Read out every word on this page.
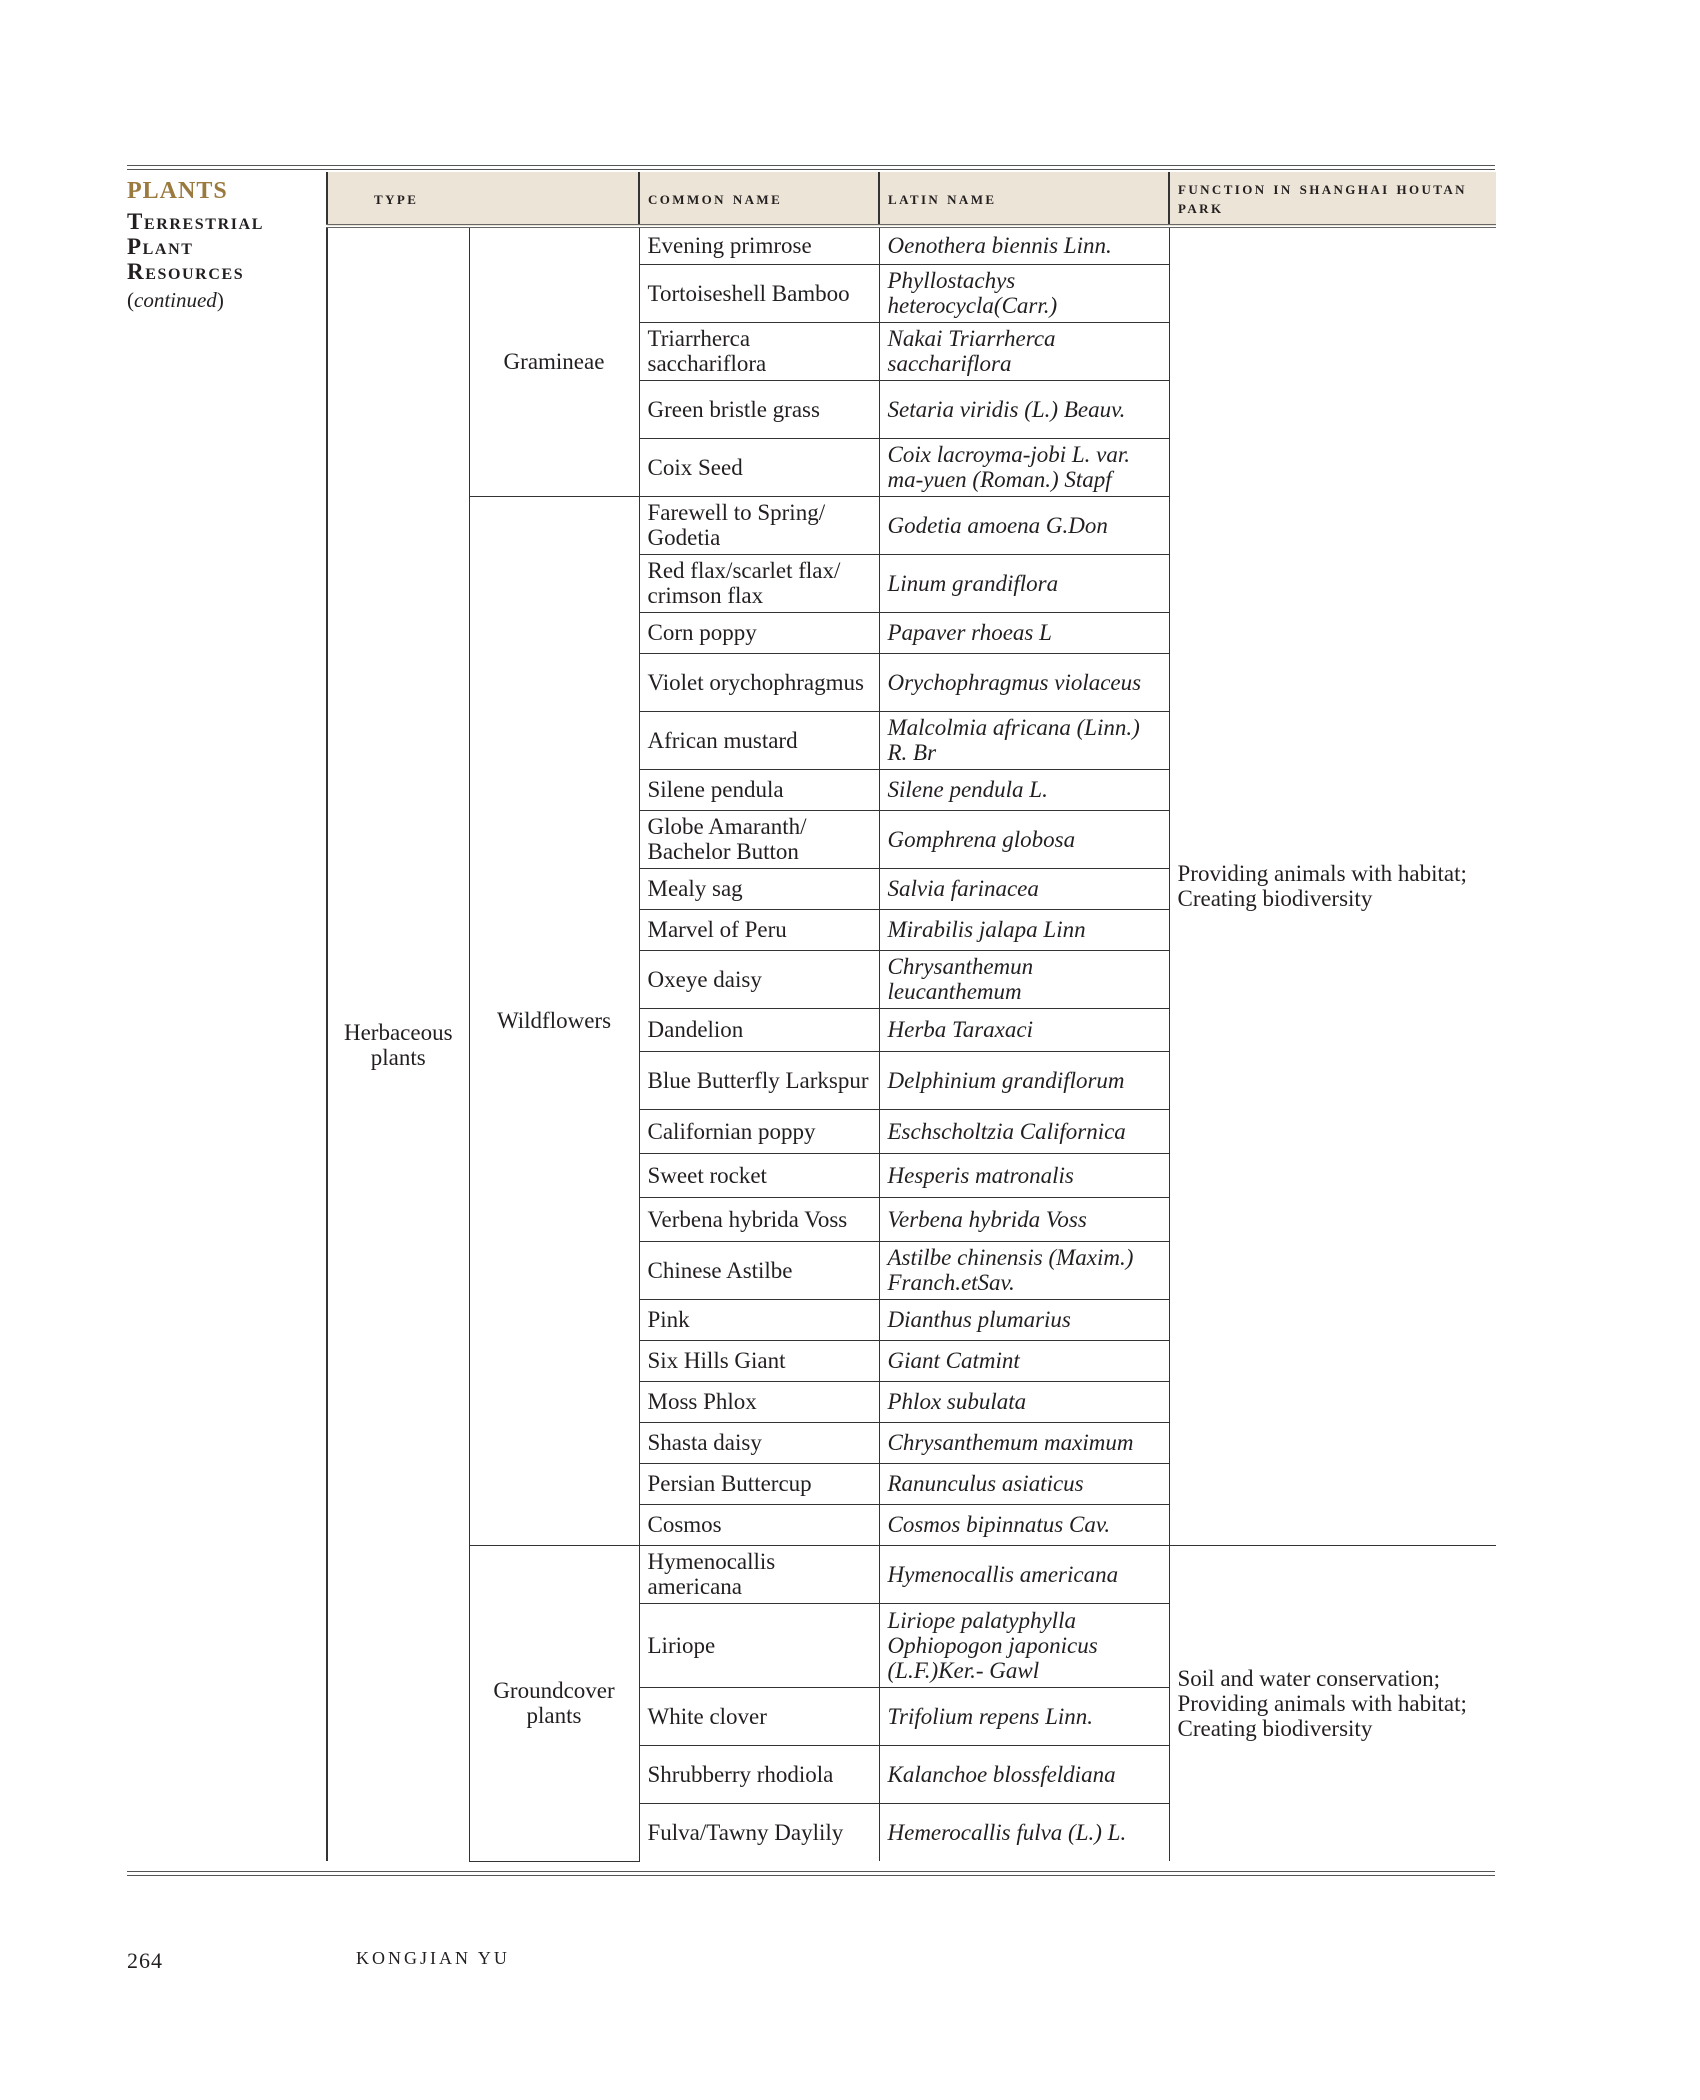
PLANTS
Terrestrial
Plant
Resources
(continued)
type		common name	latin name	function in shanghai houtan park
Herbaceous plants	Gramineae	Evening primrose	Oenothera biennis Linn.	Providing animals with habitat; Creating biodiversity
		Tortoiseshell Bamboo	Phyllostachys heterocycla(Carr.)	
		Triarrherca sacchariflora	Nakai Triarrherca sacchariflora	
		Green bristle grass	Setaria viridis (L.) Beauv.	
		Coix Seed	Coix lacroyma-jobi L. var. ma-yuen (Roman.) Stapf	
	Wildflowers	Farewell to Spring/ Godetia	Godetia amoena G.Don	
		Red flax/scarlet flax/ crimson flax	Linum grandiflora	
		Corn poppy	Papaver rhoeas L	
		Violet orychophragmus	Orychophragmus violaceus	
		African mustard	Malcolmia africana (Linn.) R. Br	
		Silene pendula	Silene pendula L.	
		Globe Amaranth/ Bachelor Button	Gomphrena globosa	
		Mealy sag	Salvia farinacea	
		Marvel of Peru	Mirabilis jalapa Linn	
		Oxeye daisy	Chrysanthemun leucanthemum	
		Dandelion	Herba Taraxaci	
		Blue Butterfly Larkspur	Delphinium grandiflorum	
		Californian poppy	Eschscholtzia Californica	
		Sweet rocket	Hesperis matronalis	
		Verbena hybrida Voss	Verbena hybrida Voss	
		Chinese Astilbe	Astilbe chinensis (Maxim.) Franch.etSav.	
		Pink	Dianthus plumarius	
		Six Hills Giant	Giant Catmint	
		Moss Phlox	Phlox subulata	
		Shasta daisy	Chrysanthemum maximum	
		Persian Buttercup	Ranunculus asiaticus	
		Cosmos	Cosmos bipinnatus Cav.	
	Groundcover plants	Hymenocallis americana	Hymenocallis americana	Soil and water conservation; Providing animals with habitat; Creating biodiversity
		Liriope	Liriope palatyphylla Ophiopogon japonicus (L.F.)Ker.- Gawl	
		White clover	Trifolium repens Linn.	
		Shrubberry rhodiola	Kalanchoe blossfeldiana	
		Fulva/Tawny Daylily	Hemerocallis fulva (L.) L.	
264	KONGJIAN YU
